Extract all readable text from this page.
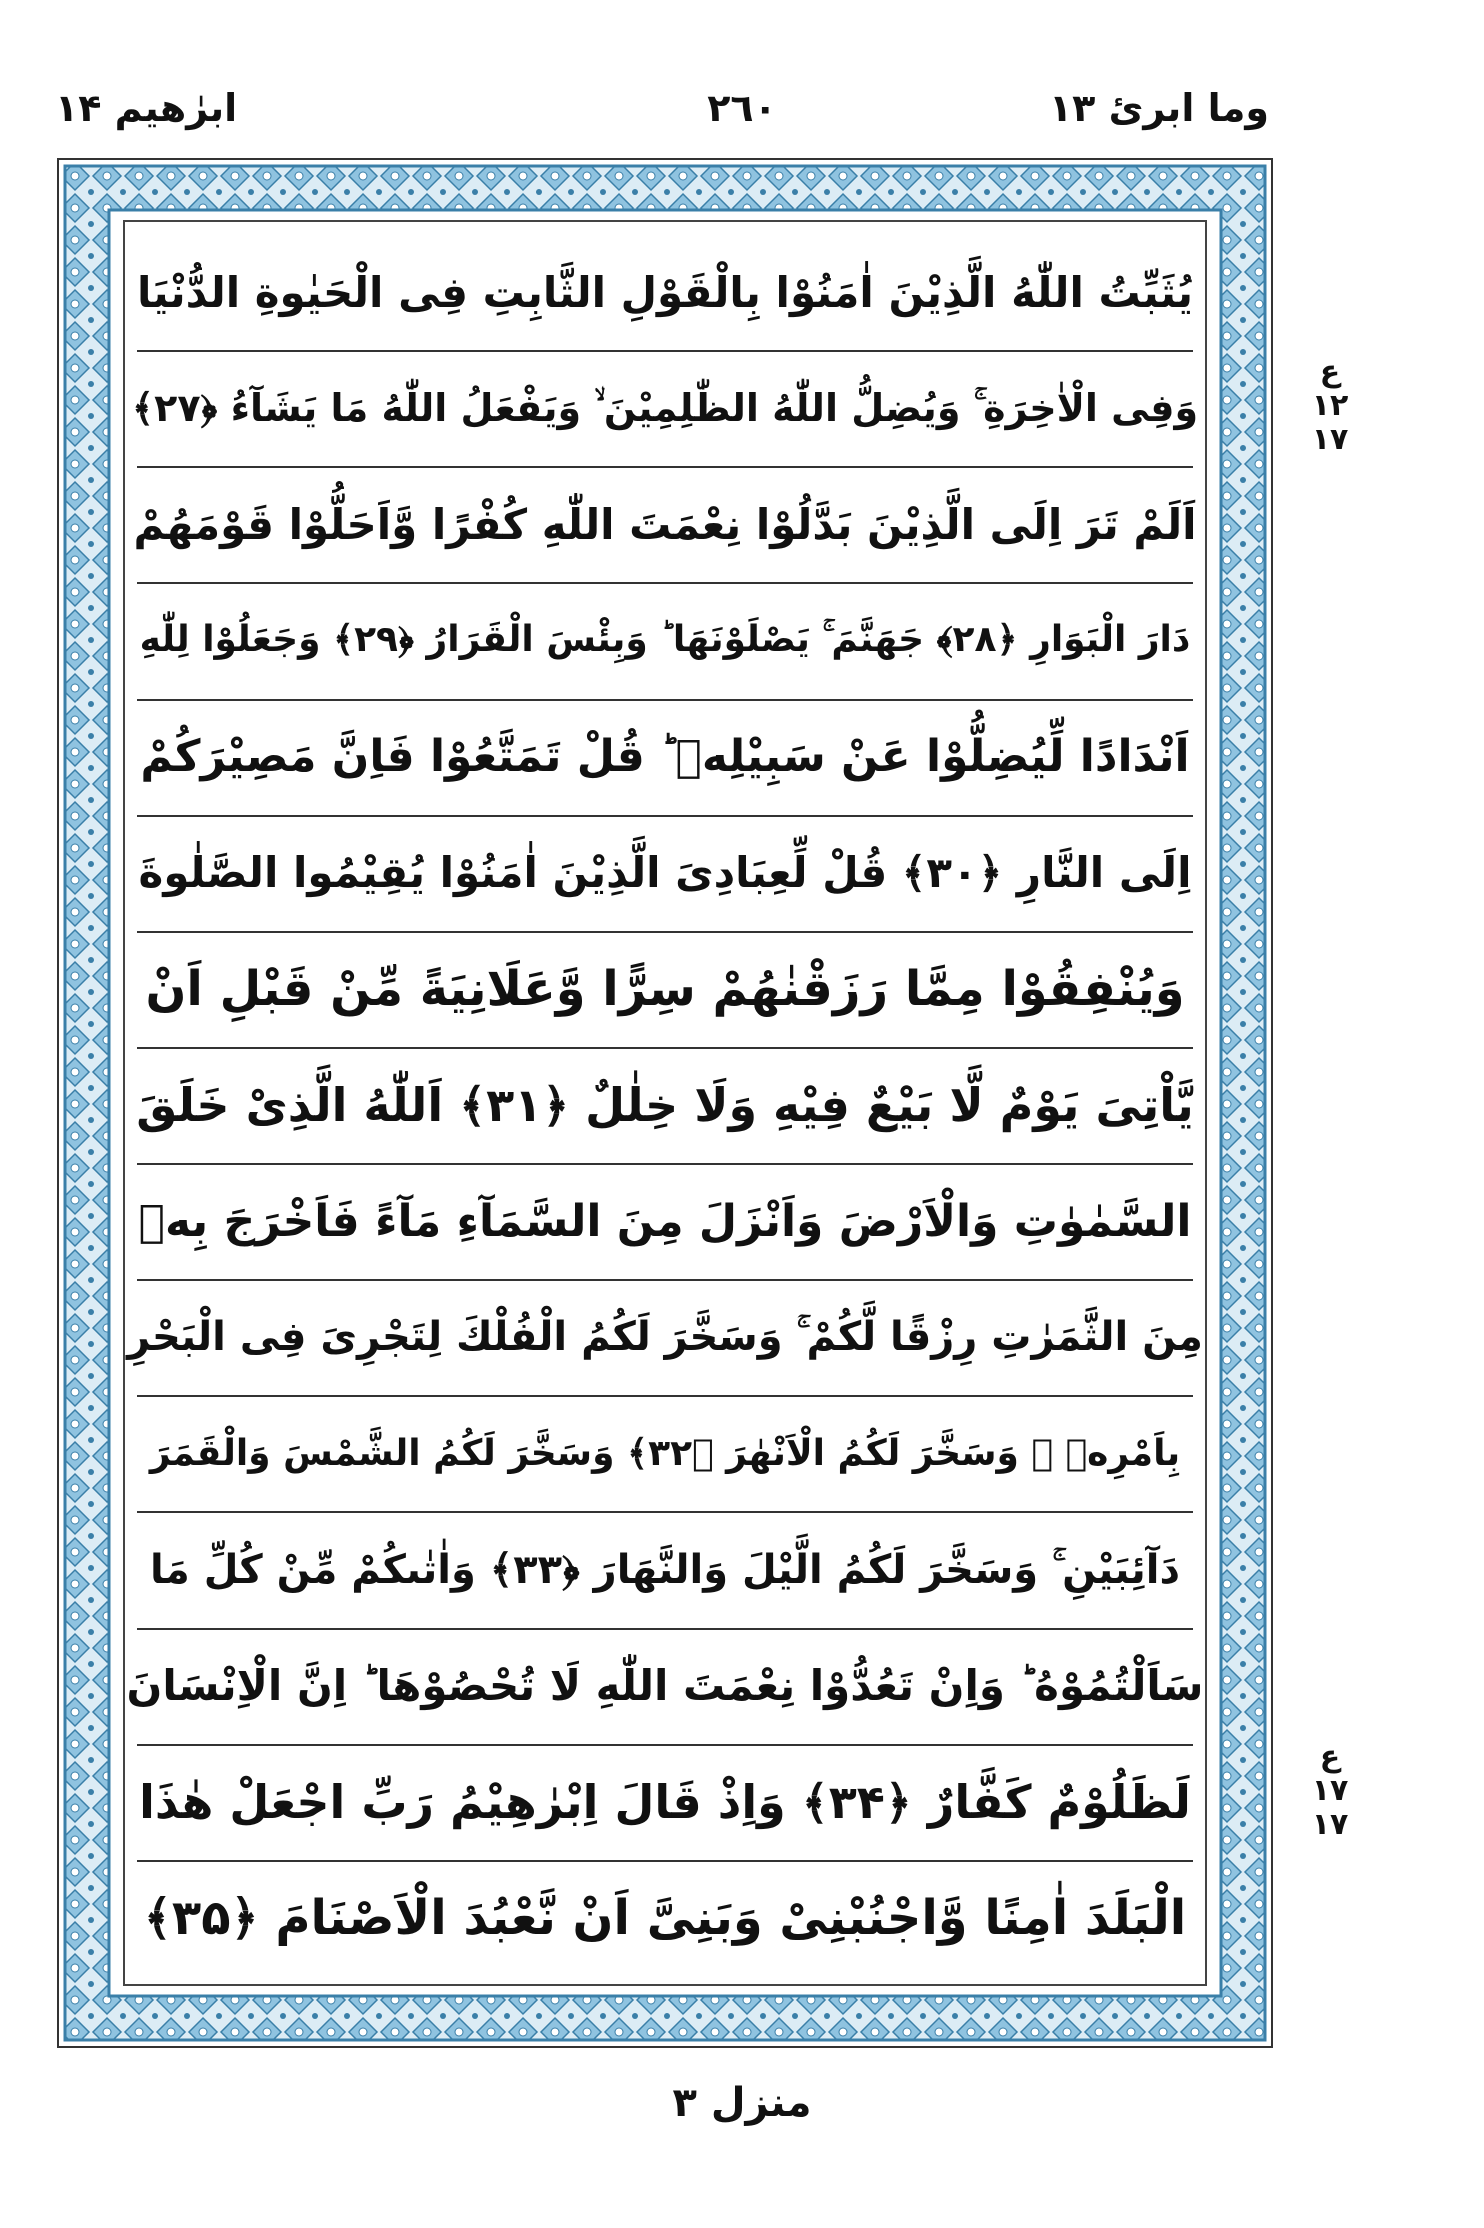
وما ابرئ ۱۳
۲٦۰
ابرٰھیم ۱۴
ع
۱۲
۱۷
ع
۱۷
۱۷
يُثَبِّتُ اللّٰهُ الَّذِيْنَ اٰمَنُوْا بِالْقَوْلِ الثَّابِتِ فِى الْحَيٰوةِ الدُّنْيَا
وَفِى الْاٰخِرَةِ ۚ وَيُضِلُّ اللّٰهُ الظّٰلِمِيْنَ ۙ وَيَفْعَلُ اللّٰهُ مَا يَشَآءُ ﴿۲۷﴾
اَلَمْ تَرَ اِلَى الَّذِيْنَ بَدَّلُوْا نِعْمَتَ اللّٰهِ كُفْرًا وَّاَحَلُّوْا قَوْمَهُمْ
دَارَ الْبَوَارِ ﴿۲۸﴾ جَهَنَّمَ ۚ يَصْلَوْنَهَا ؕ وَبِئْسَ الْقَرَارُ ﴿۲۹﴾ وَجَعَلُوْا لِلّٰهِ
اَنْدَادًا لِّيُضِلُّوْا عَنْ سَبِيْلِهٖ ؕ قُلْ تَمَتَّعُوْا فَاِنَّ مَصِيْرَكُمْ
اِلَى النَّارِ ﴿۳۰﴾ قُلْ لِّعِبَادِىَ الَّذِيْنَ اٰمَنُوْا يُقِيْمُوا الصَّلٰوةَ
وَيُنْفِقُوْا مِمَّا رَزَقْنٰهُمْ سِرًّا وَّعَلَانِيَةً مِّنْ قَبْلِ اَنْ
يَّاْتِىَ يَوْمٌ لَّا بَيْعٌ فِيْهِ وَلَا خِلٰلٌ ﴿۳۱﴾ اَللّٰهُ الَّذِىْ خَلَقَ
السَّمٰوٰتِ وَالْاَرْضَ وَاَنْزَلَ مِنَ السَّمَآءِ مَآءً فَاَخْرَجَ بِهٖ
مِنَ الثَّمَرٰتِ رِزْقًا لَّكُمْ ۚ وَسَخَّرَ لَكُمُ الْفُلْكَ لِتَجْرِىَ فِى الْبَحْرِ
بِاَمْرِهٖ ۚ وَسَخَّرَ لَكُمُ الْاَنْهٰرَ ﴿۳۲﴾ وَسَخَّرَ لَكُمُ الشَّمْسَ وَالْقَمَرَ
دَآئِبَيْنِ ۚ وَسَخَّرَ لَكُمُ الَّيْلَ وَالنَّهَارَ ﴿۳۳﴾ وَاٰتٰىكُمْ مِّنْ كُلِّ مَا
سَاَلْتُمُوْهُ ؕ وَاِنْ تَعُدُّوْا نِعْمَتَ اللّٰهِ لَا تُحْصُوْهَا ؕ اِنَّ الْاِنْسَانَ
لَظَلُوْمٌ كَفَّارٌ ﴿۳۴﴾ وَاِذْ قَالَ اِبْرٰهِيْمُ رَبِّ اجْعَلْ هٰذَا
الْبَلَدَ اٰمِنًا وَّاجْنُبْنِىْ وَبَنِىَّ اَنْ نَّعْبُدَ الْاَصْنَامَ ﴿۳۵﴾
منزل ۳
